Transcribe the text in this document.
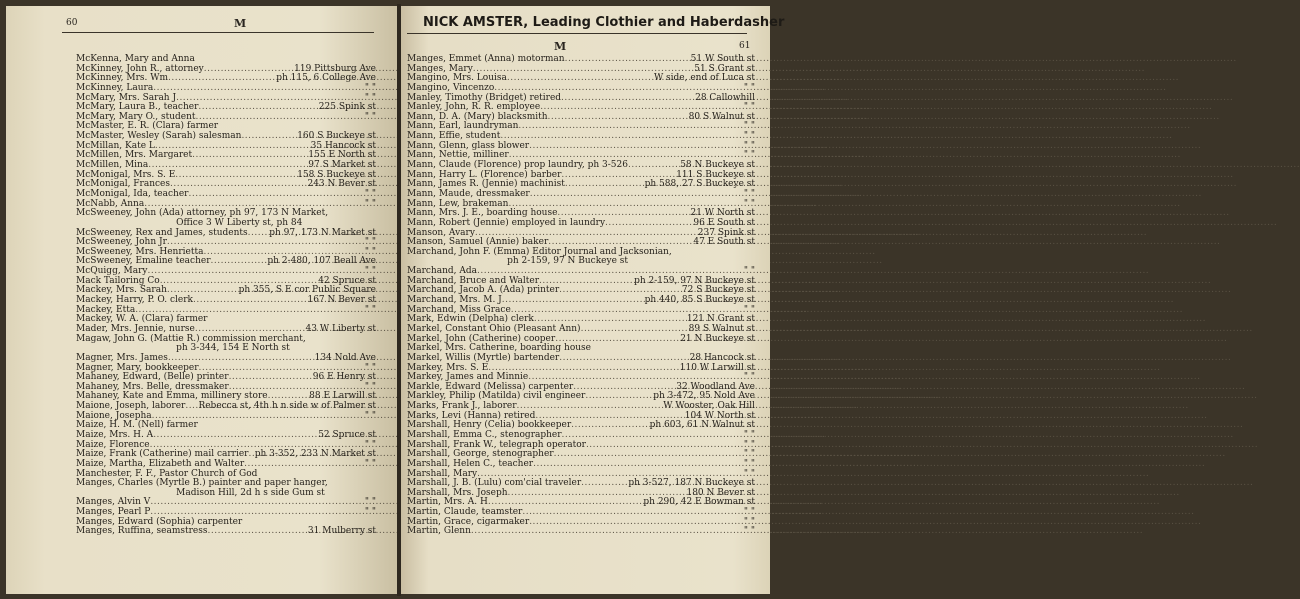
60	M
McKenna, Mary and Anna
McKinney, John R., attorney .....	119 Pittsburg Ave
McKinney, Mrs. Wm .....	ph 115, 6 College Ave
McKinney, Laura .....	" "
McMary, Mrs. Sarah J .....	" "
McMary, Laura B., teacher .....	225 Spink st
McMary, Mary O., student .....	" "
McMaster, E. R. (Clara) farmer
McMaster, Wesley (Sarah) salesman .....	160 S Buckeye st
McMillan, Kate L .....	35 Hancock st
McMillen, Mrs. Margaret .....	155 E North st
McMillen, Mina .....	97 S Market st
McMonigal, Mrs. S. E .....	158 S Buckeye st
McMonigal, Frances .....	243 N Bever st
McMonigal, Ida, teacher .....	" "
McNabb, Anna .....	" "
McSweeney, John (Ada) attorney, ph 97, 173 N Market,
Office 3 W Liberty st, ph 84
McSweeney, Rex and James, students ..... ph 97, 173 N Market st
McSweeney, John Jr .....	" "
McSweeney, Mrs. Henrietta .....	" "
McSweeney, Emaline teacher .....	ph 2-480, 107 Beall Ave
McQuigg, Mary .....	" "
Mack Tailoring Co .....	42 Spruce st
Mackey, Mrs. Sarah .....	ph 355, S E cor Public Square
Mackey, Harry, P. O. clerk .....	167 N Bever st
Mackey, Etta .....	" "
Mackey, W. A. (Clara) farmer
Mader, Mrs. Jennie, nurse .....	43 W Liberty st
Magaw, John G. (Mattie R.) commission merchant,
ph 3-344, 154 E North st
Magner, Mrs. James .....	134 Nold Ave
Magner, Mary, bookkeeper .....	" "
Mahaney, Edward, (Belle) printer .....	96 E Henry st
Mahaney, Mrs. Belle, dressmaker .....	" "
Mahaney, Kate and Emma, millinery store .....	88 E Larwill st
Maione, Joseph, laborer ..... Rebecca st, 4th h n side w of Palmer st
Maione, Josepha .....	" "
Maize, H. M. (Nell) farmer
Maize, Mrs. H. A .....	52 Spruce st
Maize, Florence .....	" "
Maize, Frank (Catherine) mail carrier ..... ph 3-352, 233 N Market st
Maize, Martha, Elizabeth and Walter .....	" "
Manchester, F. F., Pastor Church of God
Manges, Charles (Myrtle B.) painter and paper hanger,
Madison Hill, 2d h s side Gum st
Manges, Alvin V .....	" "
Manges, Pearl P .....	" "
Manges, Edward (Sophia) carpenter
Manges, Ruffina, seamstress .....	31 Mulberry st
NICK AMSTER, Leading Clothier and Haberdasher
M	61
Manges, Emmet (Anna) motorman .....	51 W South st
Manges, Mary .....	51 S Grant st
Mangino, Mrs. Louisa .....	W side, end of Luca st
Mangino, Vincenzo .....	" "
Manley, Timothy (Bridget) retired .....	28 Callowhill
Manley, John, R. R. employee .....	" "
Mann, D. A. (Mary) blacksmith .....	80 S Walnut st
Mann, Earl, laundryman .....	" "
Mann, Effie, student .....	" "
Mann, Glenn, glass blower .....	" "
Mann, Nettie, milliner .....	" "
Mann, Claude (Florence) prop laundry, ph 3-526 .....	58 N Buckeye st
Mann, Harry L. (Florence) barber .....	111 S Buckeye st
Mann, James R. (Jennie) machinist .....	ph 588, 27 S Buckeye st
Mann, Maude, dressmaker .....	" "
Mann, Lew, brakeman .....	" "
Mann, Mrs. J. E., boarding house .....	21 W North st
Mann, Robert (Jennie) employed in laundry .....	96 E South st
Manson, Avary .....	237 Spink st
Manson, Samuel (Annie) baker .....	47 E South st
Marchand, John F. (Emma) Editor Journal and Jacksonian,
ph 2-159, 97 N Buckeye st
Marchand, Ada .....	" "
Marchand, Bruce and Walter .....	ph 2-159, 97 N Buckeye st
Marchand, Jacob A. (Ada) printer .....	72 S Buckeye st
Marchand, Mrs. M. J .....	ph 440, 85 S Buckeye st
Marchand, Miss Grace .....	" "
Mark, Edwin (Delpha) clerk .....	121 N Grant st
Markel, Constant Ohio (Pleasant Ann) .....	89 S Walnut st
Markel, John (Catherine) cooper .....	21 N Buckeye st
Markel, Mrs. Catherine, boarding house
Markel, Willis (Myrtle) bartender .....	28 Hancock st
Markey, Mrs. S. E .....	110 W Larwill st
Markey, James and Minnie .....	" "
Markle, Edward (Melissa) carpenter .....	32 Woodland Ave
Markley, Philip (Matilda) civil engineer .....	ph 3-472, 95 Nold Ave
Marks, Frank J., laborer .....	W Wooster, Oak Hill
Marks, Levi (Hanna) retired .....	104 W North st
Marshall, Henry (Celia) bookkeeper .....	ph 603, 61 N Walnut st
Marshall, Emma C., stenographer .....	" "
Marshall, Frank W., telegraph operator .....	" "
Marshall, George, stenographer .....	" "
Marshall, Helen C., teacher .....	" "
Marshall, Mary .....	" "
Marshall, J. B. (Lulu) com'cial traveler .....	ph 3-527, 187 N Buckeye st
Marshall, Mrs. Joseph .....	180 N Bever st
Martin, Mrs. A. H .....	ph 290, 42 E Bowman st
Martin, Claude, teamster .....	" "
Martin, Grace, cigarmaker .....	" "
Martin, Glenn .....	" "
